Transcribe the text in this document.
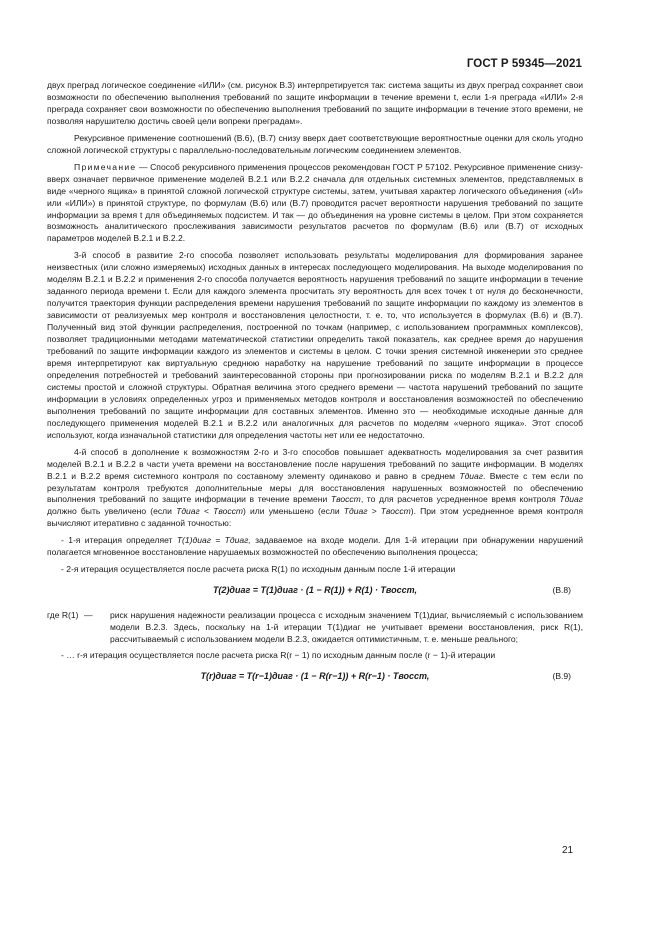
ГОСТ Р 59345—2021

двух преград логическое соединение «ИЛИ» (см. рисунок В.3) интерпретируется так: система защиты из двух преград сохраняет свои возможности по обеспечению выполнения требований по защите информации в течение времени t, если 1-я преграда «ИЛИ» 2-я преграда сохраняет свои возможности по обеспечению выполнения требований по защите информации в течение этого времени, не позволяя нарушителю достичь своей цели вопреки преградам».

Рекурсивное применение соотношений (В.6), (В.7) снизу вверх дает соответствующие вероятностные оценки для сколь угодно сложной логической структуры с параллельно-последовательным логическим соединением элементов.

Примечание — Способ рекурсивного применения процессов рекомендован ГОСТ Р 57102. Рекурсивное применение снизу-вверх означает первичное применение моделей В.2.1 или В.2.2 сначала для отдельных системных элементов, представляемых в виде «черного ящика» в принятой сложной логической структуре системы, затем, учитывая характер логического объединения («И» или «ИЛИ») в принятой структуре, по формулам (В.6) или (В.7) проводится расчет вероятности нарушения требований по защите информации за время t для объединяемых подсистем. И так — до объединения на уровне системы в целом. При этом сохраняется возможность аналитического прослеживания зависимости результатов расчетов по формулам (В.6) или (В.7) от исходных параметров моделей В.2.1 и В.2.2.

3-й способ в развитие 2-го способа позволяет использовать результаты моделирования для формирования заранее неизвестных (или сложно измеряемых) исходных данных в интересах последующего моделирования. На выходе моделирования по моделям В.2.1 и В.2.2 и применения 2-го способа получается вероятность нарушения требований по защите информации в течение заданного периода времени t. Если для каждого элемента просчитать эту вероятность для всех точек t от нуля до бесконечности, получится траектория функции распределения времени нарушения требований по защите информации по каждому из элементов в зависимости от реализуемых мер контроля и восстановления целостности, т. е. то, что используется в формулах (В.6) и (В.7). Полученный вид этой функции распределения, построенной по точкам (например, с использованием программных комплексов), позволяет традиционными методами математической статистики определить такой показатель, как среднее время до нарушения требований по защите информации каждого из элементов и системы в целом. С точки зрения системной инженерии это среднее время интерпретируют как виртуальную среднюю наработку на нарушение требований по защите информации в процессе определения потребностей и требований заинтересованной стороны при прогнозировании риска по моделям В.2.1 и В.2.2 для системы простой и сложной структуры. Обратная величина этого среднего времени — частота нарушений требований по защите информации в условиях определенных угроз и применяемых методов контроля и восстановления возможностей по обеспечению выполнения требований по защите информации для составных элементов. Именно это — необходимые исходные данные для последующего применения моделей В.2.1 и В.2.2 или аналогичных для расчетов по моделям «черного ящика». Этот способ используют, когда изначальной статистики для определения частоты нет или ее недостаточно.

4-й способ в дополнение к возможностям 2-го и 3-го способов повышает адекватность моделирования за счет развития моделей В.2.1 и В.2.2 в части учета времени на восстановление после нарушения требований по защите информации. В моделях В.2.1 и В.2.2 время системного контроля по составному элементу одинаково и равно в среднем Tдиаг. Вместе с тем если по результатам контроля требуются дополнительные меры для восстановления нарушенных возможностей по обеспечению выполнения требований по защите информации в течение времени Tвосст, то для расчетов усредненное время контроля Tдиаг должно быть увеличено (если Tдиаг < Tвосст) или уменьшено (если Tдиаг > Tвосст). При этом усредненное время контроля вычисляют итеративно с заданной точностью:

- 1-я итерация определяет T(1)диаг = Tдиаг, задаваемое на входе модели. Для 1-й итерации при обнаружении нарушений полагается мгновенное восстановление нарушаемых возможностей по обеспечению выполнения процесса;

- 2-я итерация осуществляется после расчета риска R(1) по исходным данным после 1-й итерации

T(2)диаг = T(1)диаг · (1 − R(1)) + R(1) · Tвосст,	(В.8)
где R(1) —	риск нарушения надежности реализации процесса с исходным значением T(1)диаг, вычисляемый с использованием модели В.2.3. Здесь, поскольку на 1-й итерации T(1)диаг не учитывает времени восстановления, риск R(1), рассчитываемый с использованием модели В.2.3, ожидается оптимистичным, т. е. меньше реального;

- … r-я итерация осуществляется после расчета риска R(r − 1) по исходным данным после (r − 1)-й итерации

T(r)диаг = T(r−1)диаг · (1 − R(r−1)) + R(r−1) · Tвосст,	(В.9)
21
